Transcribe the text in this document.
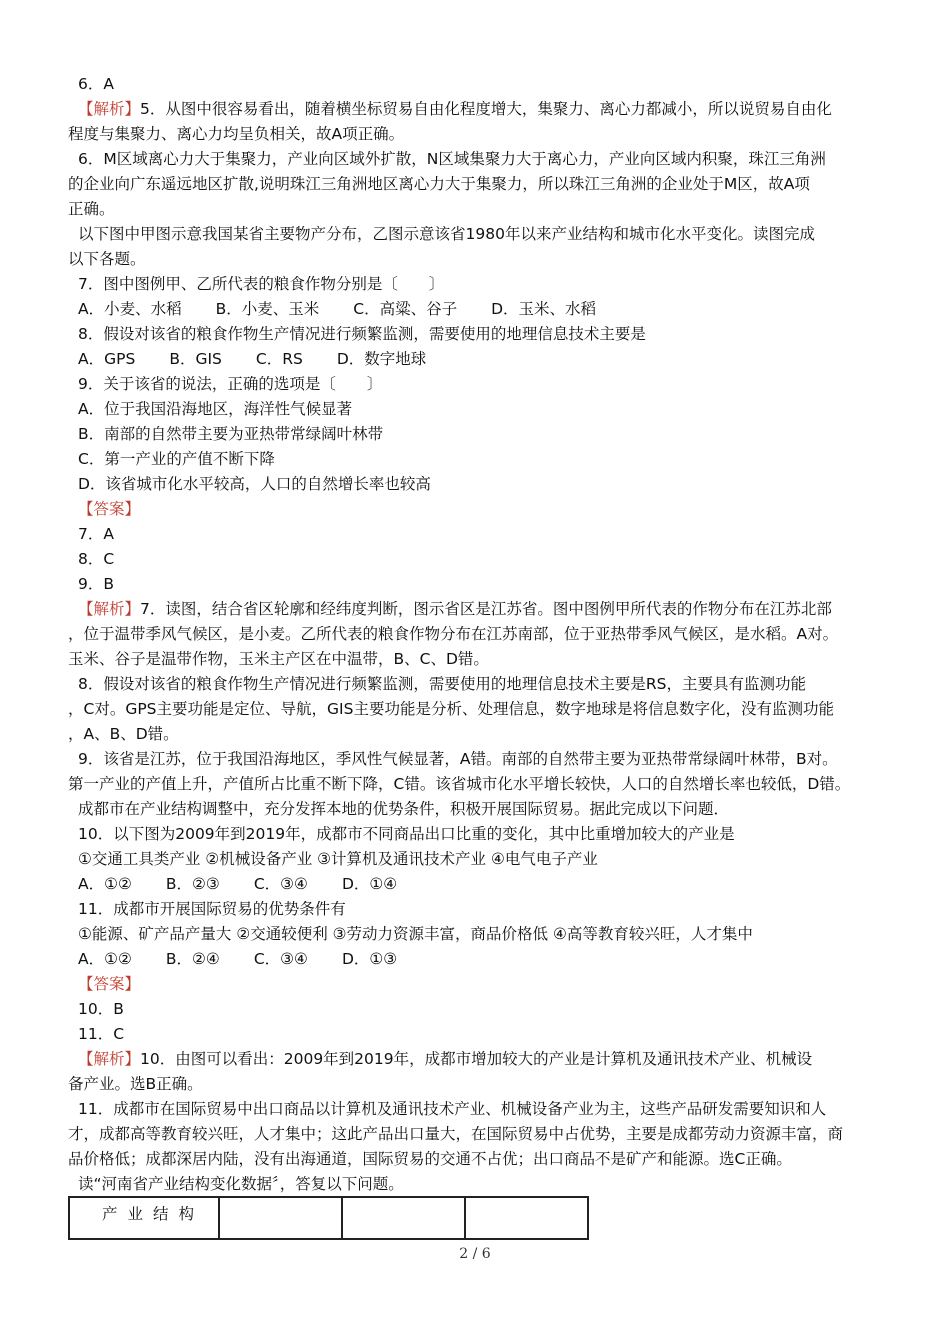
6．A

【解析】5．从图中很容易看出，随着横坐标贸易自由化程度增大，集聚力、离心力都减小，所以说贸易自由化

程度与集聚力、离心力均呈负相关，故A项正确。

6．M区域离心力大于集聚力，产业向区域外扩散，N区域集聚力大于离心力，产业向区域内积聚，珠江三角洲

的企业向广东遥远地区扩散,说明珠江三角洲地区离心力大于集聚力，所以珠江三角洲的企业处于M区，故A项

正确。

以下图中甲图示意我国某省主要物产分布，乙图示意该省1980年以来产业结构和城市化水平变化。读图完成

以下各题。

7．图中图例甲、乙所代表的粮食作物分别是〔　　〕

A．小麦、水稻 B．小麦、玉米 C．高粱、谷子 D．玉米、水稻

8．假设对该省的粮食作物生产情况进行频繁监测，需要使用的地理信息技术主要是

A．GPS B．GIS C．RS D．数字地球

9．关于该省的说法，正确的选项是〔　　〕

A．位于我国沿海地区，海洋性气候显著

B．南部的自然带主要为亚热带常绿阔叶林带

C．第一产业的产值不断下降

D．该省城市化水平较高，人口的自然增长率也较高

【答案】

7．A

8．C

9．B

【解析】7．读图，结合省区轮廓和经纬度判断，图示省区是江苏省。图中图例甲所代表的作物分布在江苏北部

，位于温带季风气候区，是小麦。乙所代表的粮食作物分布在江苏南部，位于亚热带季风气候区，是水稻。A对。

玉米、谷子是温带作物，玉米主产区在中温带，B、C、D错。

8．假设对该省的粮食作物生产情况进行频繁监测，需要使用的地理信息技术主要是RS，主要具有监测功能

，C对。GPS主要功能是定位、导航，GIS主要功能是分析、处理信息，数字地球是将信息数字化，没有监测功能

，A、B、D错。

9．该省是江苏，位于我国沿海地区，季风性气候显著，A错。南部的自然带主要为亚热带常绿阔叶林带，B对。

第一产业的产值上升，产值所占比重不断下降，C错。该省城市化水平增长较快，人口的自然增长率也较低，D错。

成都市在产业结构调整中，充分发挥本地的优势条件，积极开展国际贸易。据此完成以下问题．

10．以下图为2009年到2019年，成都市不同商品出口比重的变化，其中比重增加较大的产业是

①交通工具类产业 ②机械设备产业 ③计算机及通讯技术产业 ④电气电子产业

A．①② B．②③ C．③④ D．①④

11．成都市开展国际贸易的优势条件有

①能源、矿产品产量大 ②交通较便利 ③劳动力资源丰富，商品价格低 ④高等教育较兴旺，人才集中

A．①② B．②④ C．③④ D．①③

【答案】

10．B

11．C

【解析】10．由图可以看出：2009年到2019年，成都市增加较大的产业是计算机及通讯技术产业、机械设

备产业。选B正确。

11．成都市在国际贸易中出口商品以计算机及通讯技术产业、机械设备产业为主，这些产品研发需要知识和人

才，成都高等教育较兴旺，人才集中；这此产品出口量大，在国际贸易中占优势，主要是成都劳动力资源丰富，商

品价格低；成都深居内陆，没有出海通道，国际贸易的交通不占优；出口商品不是矿产和能源。选C正确。

读“河南省产业结构变化数据〞，答复以下问题。

产业结构

2 / 6
